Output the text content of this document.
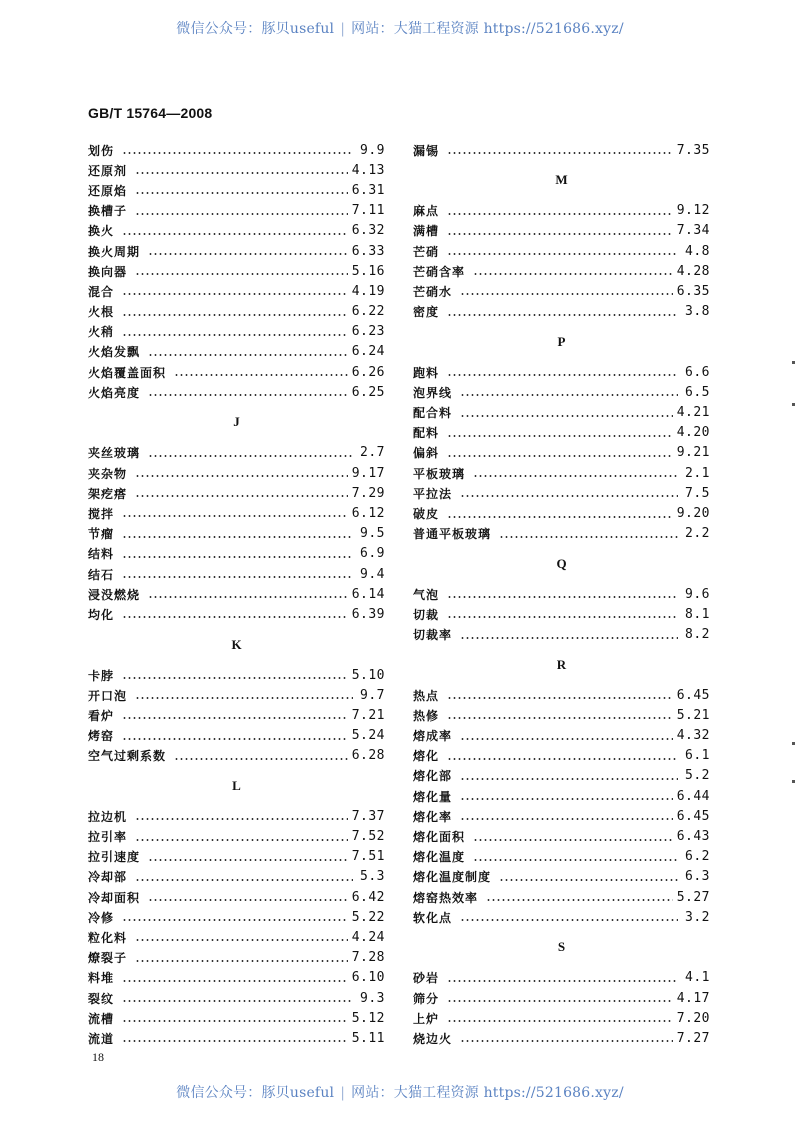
微信公众号：豚贝useful | 网站：大猫工程资源 https://521686.xyz/
GB/T 15764—2008
划伤	9.9
还原剂	4.13
还原焰	6.31
换槽子	7.11
换火	6.32
换火周期	6.33
换向器	5.16
混合	4.19
火根	6.22
火稍	6.23
火焰发飘	6.24
火焰覆盖面积	6.26
火焰亮度	6.25
J
夹丝玻璃	2.7
夹杂物	9.17
架疙瘩	7.29
搅拌	6.12
节瘤	9.5
结料	6.9
结石	9.4
浸没燃烧	6.14
均化	6.39
K
卡脖	5.10
开口泡	9.7
看炉	7.21
烤窑	5.24
空气过剩系数	6.28
L
拉边机	7.37
拉引率	7.52
拉引速度	7.51
冷却部	5.3
冷却面积	6.42
冷修	5.22
粒化料	4.24
燎裂子	7.28
料堆	6.10
裂纹	9.3
流槽	5.12
流道	5.11
漏锡	7.35
M
麻点	9.12
满槽	7.34
芒硝	4.8
芒硝含率	4.28
芒硝水	6.35
密度	3.8
P
跑料	6.6
泡界线	6.5
配合料	4.21
配料	4.20
偏斜	9.21
平板玻璃	2.1
平拉法	7.5
破皮	9.20
普通平板玻璃	2.2
Q
气泡	9.6
切裁	8.1
切裁率	8.2
R
热点	6.45
热修	5.21
熔成率	4.32
熔化	6.1
熔化部	5.2
熔化量	6.44
熔化率	6.45
熔化面积	6.43
熔化温度	6.2
熔化温度制度	6.3
熔窑热效率	5.27
软化点	3.2
S
砂岩	4.1
筛分	4.17
上炉	7.20
烧边火	7.27
18
微信公众号：豚贝useful | 网站：大猫工程资源 https://521686.xyz/
